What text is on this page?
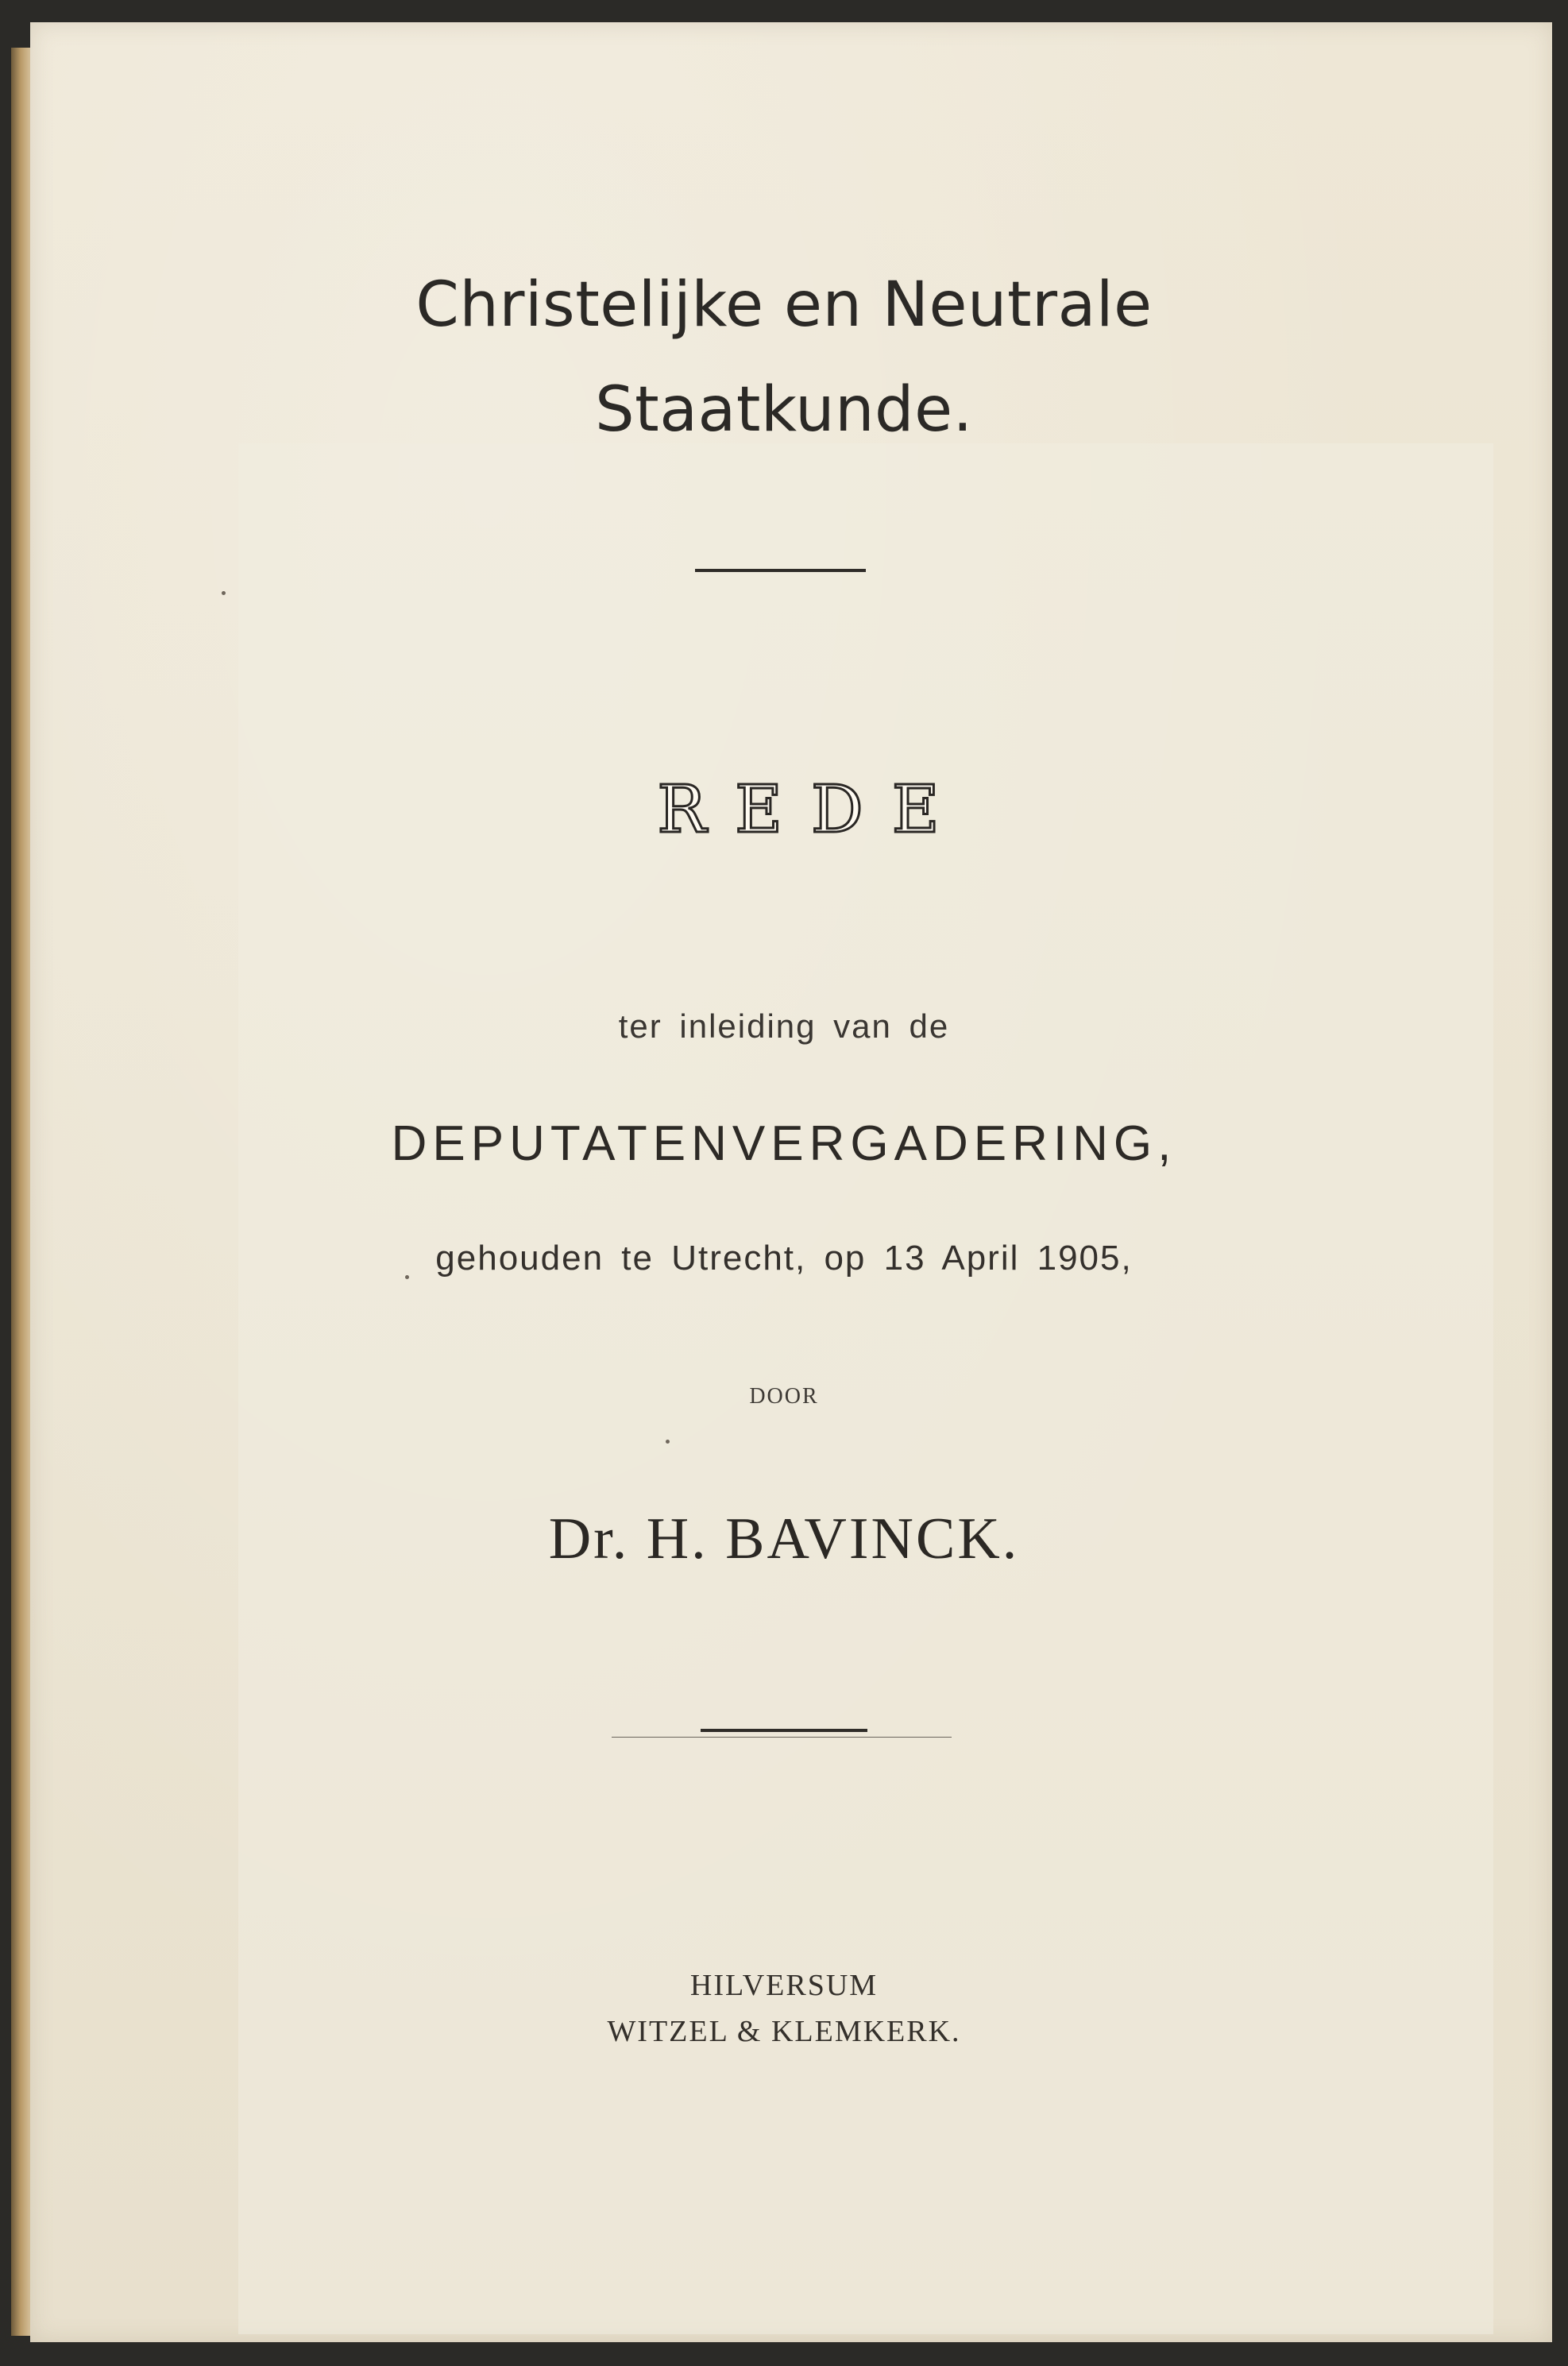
Christelijke en Neutrale
Staatkunde.
REDE
ter inleiding van de
DEPUTATENVERGADERING,
gehouden te Utrecht, op 13 April 1905,
DOOR
Dr. H. BAVINCK.
HILVERSUM
WITZEL & KLEMKERK.
